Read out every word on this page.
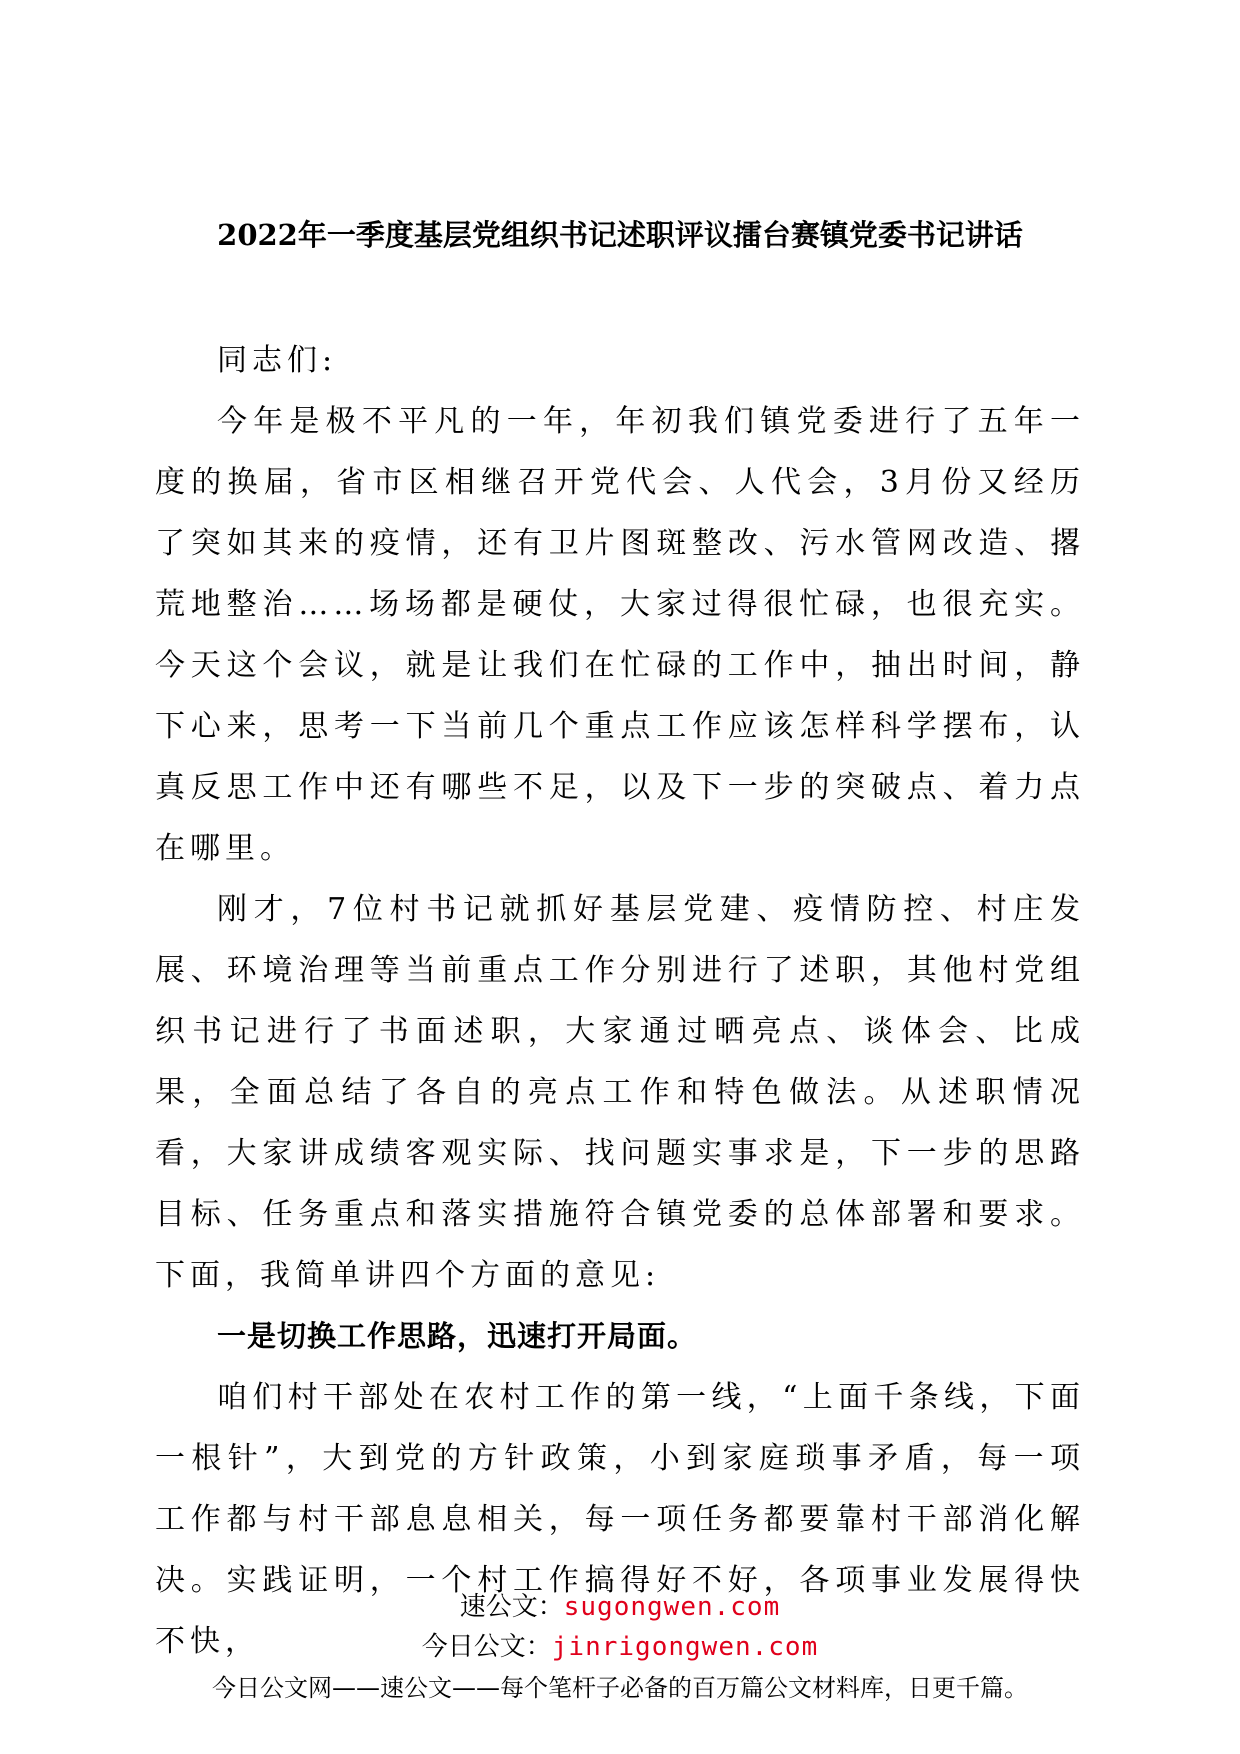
2022年一季度基层党组织书记述职评议擂台赛镇党委书记讲话

同志们:

今年是极不平凡的一年，年初我们镇党委进行了五年一度的换届，省市区相继召开党代会、人代会，3月份又经历了突如其来的疫情，还有卫片图斑整改、污水管网改造、撂荒地整治……场场都是硬仗，大家过得很忙碌，也很充实。今天这个会议，就是让我们在忙碌的工作中，抽出时间，静下心来，思考一下当前几个重点工作应该怎样科学摆布，认真反思工作中还有哪些不足，以及下一步的突破点、着力点在哪里。

刚才，7位村书记就抓好基层党建、疫情防控、村庄发展、环境治理等当前重点工作分别进行了述职，其他村党组织书记进行了书面述职，大家通过晒亮点、谈体会、比成果，全面总结了各自的亮点工作和特色做法。从述职情况看，大家讲成绩客观实际、找问题实事求是，下一步的思路目标、任务重点和落实措施符合镇党委的总体部署和要求。下面，我简单讲四个方面的意见:

一是切换工作思路，迅速打开局面。

咱们村干部处在农村工作的第一线，“上面千条线，下面一根针”，大到党的方针政策，小到家庭琐事矛盾，每一项工作都与村干部息息相关，每一项任务都要靠村干部消化解决。实践证明，一个村工作搞得好不好，各项事业发展得快不快，

速公文：sugongwen.com
今日公文：jinrigongwen.com
今日公文网——速公文——每个笔杆子必备的百万篇公文材料库，日更千篇。
